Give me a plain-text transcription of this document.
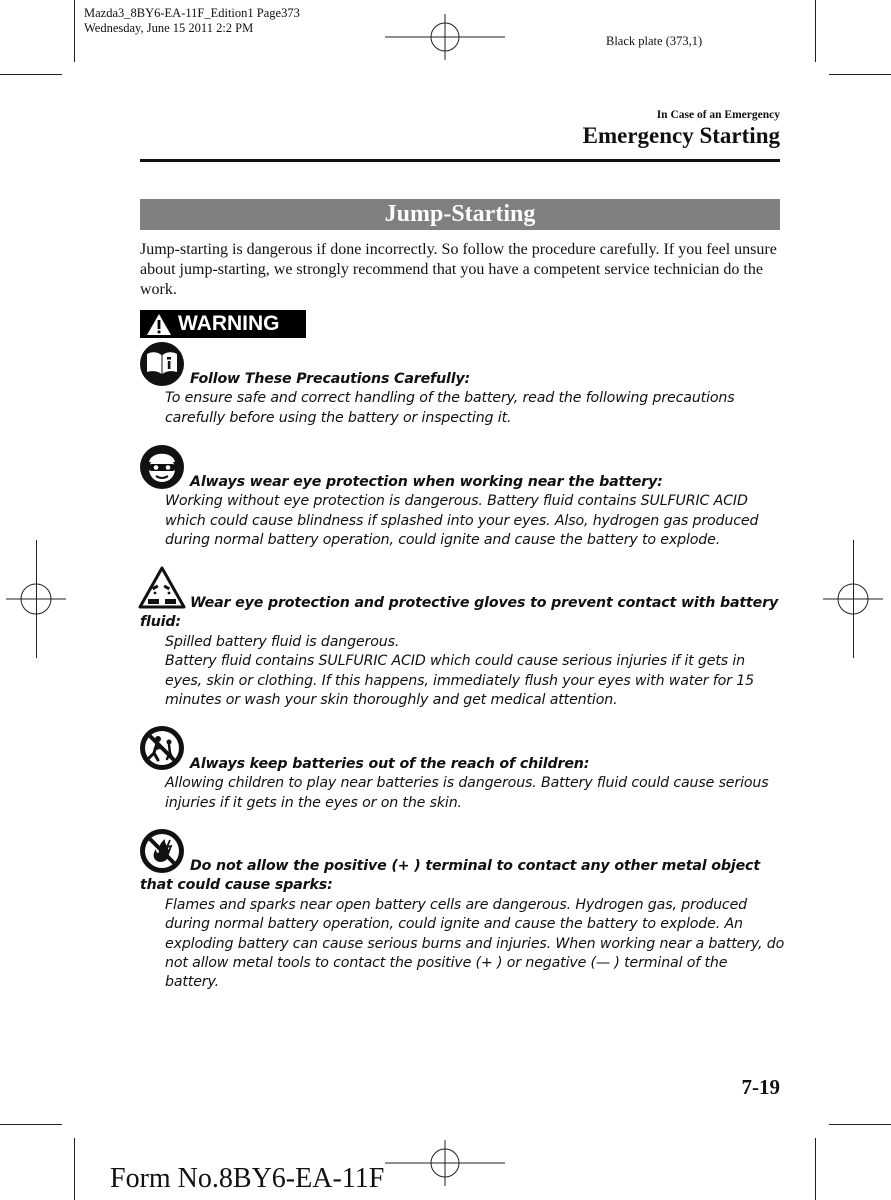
Mazda3_8BY6-EA-11F_Edition1 Page373
Wednesday, June 15 2011 2:2 PM
Black plate (373,1)
In Case of an Emergency
Emergency Starting
Jump-Starting
Jump-starting is dangerous if done incorrectly. So follow the procedure carefully. If you feel unsure about jump-starting, we strongly recommend that you have a competent service technician do the work.
WARNING
Follow These Precautions Carefully:
To ensure safe and correct handling of the battery, read the following precautions carefully before using the battery or inspecting it.
Always wear eye protection when working near the battery:
Working without eye protection is dangerous. Battery fluid contains SULFURIC ACID which could cause blindness if splashed into your eyes. Also, hydrogen gas produced during normal battery operation, could ignite and cause the battery to explode.
Wear eye protection and protective gloves to prevent contact with battery fluid:
Spilled battery fluid is dangerous.
Battery fluid contains SULFURIC ACID which could cause serious injuries if it gets in eyes, skin or clothing. If this happens, immediately flush your eyes with water for 15 minutes or wash your skin thoroughly and get medical attention.
Always keep batteries out of the reach of children:
Allowing children to play near batteries is dangerous. Battery fluid could cause serious injuries if it gets in the eyes or on the skin.
Do not allow the positive (+ ) terminal to contact any other metal object that could cause sparks:
Flames and sparks near open battery cells are dangerous. Hydrogen gas, produced during normal battery operation, could ignite and cause the battery to explode. An exploding battery can cause serious burns and injuries. When working near a battery, do not allow metal tools to contact the positive (+ ) or negative (— ) terminal of the battery.
7-19
Form No.8BY6-EA-11F
